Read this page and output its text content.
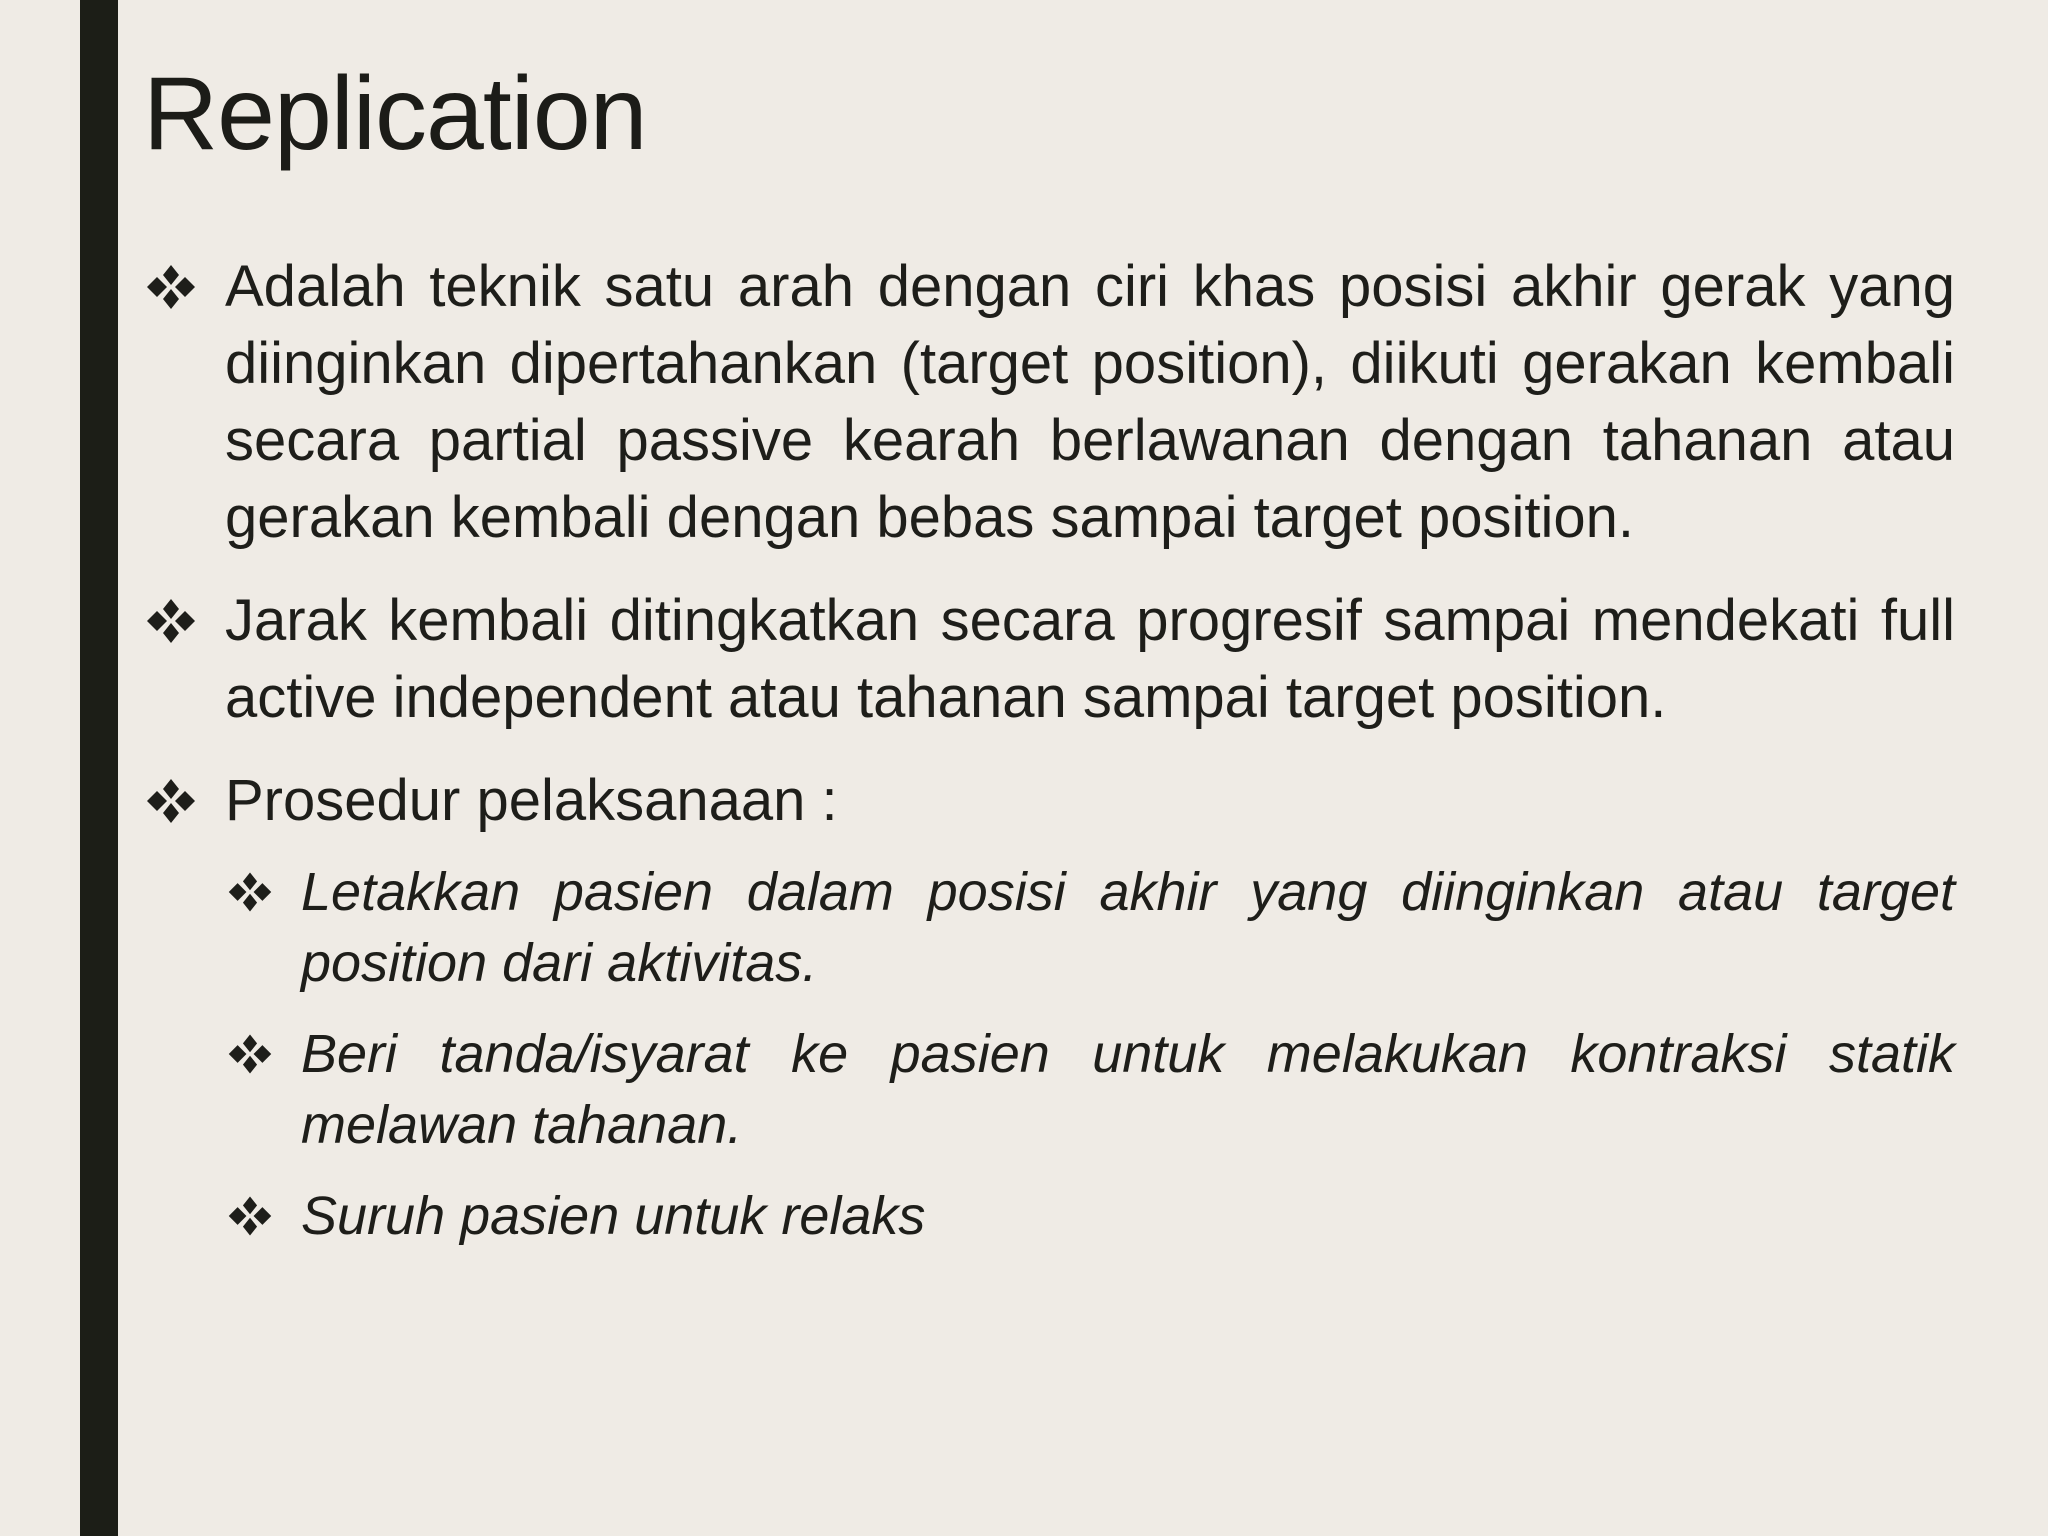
Replication
Adalah teknik satu arah dengan ciri khas posisi akhir gerak yang diinginkan dipertahankan (target position), diikuti gerakan kembali secara partial passive kearah berlawanan dengan tahanan atau gerakan kembali dengan bebas sampai target position.
Jarak kembali ditingkatkan secara progresif sampai mendekati full active independent atau tahanan sampai target position.
Prosedur pelaksanaan :
Letakkan pasien dalam posisi akhir yang diinginkan atau target position dari aktivitas.
Beri tanda/isyarat ke pasien untuk melakukan kontraksi statik melawan tahanan.
Suruh pasien untuk relaks
